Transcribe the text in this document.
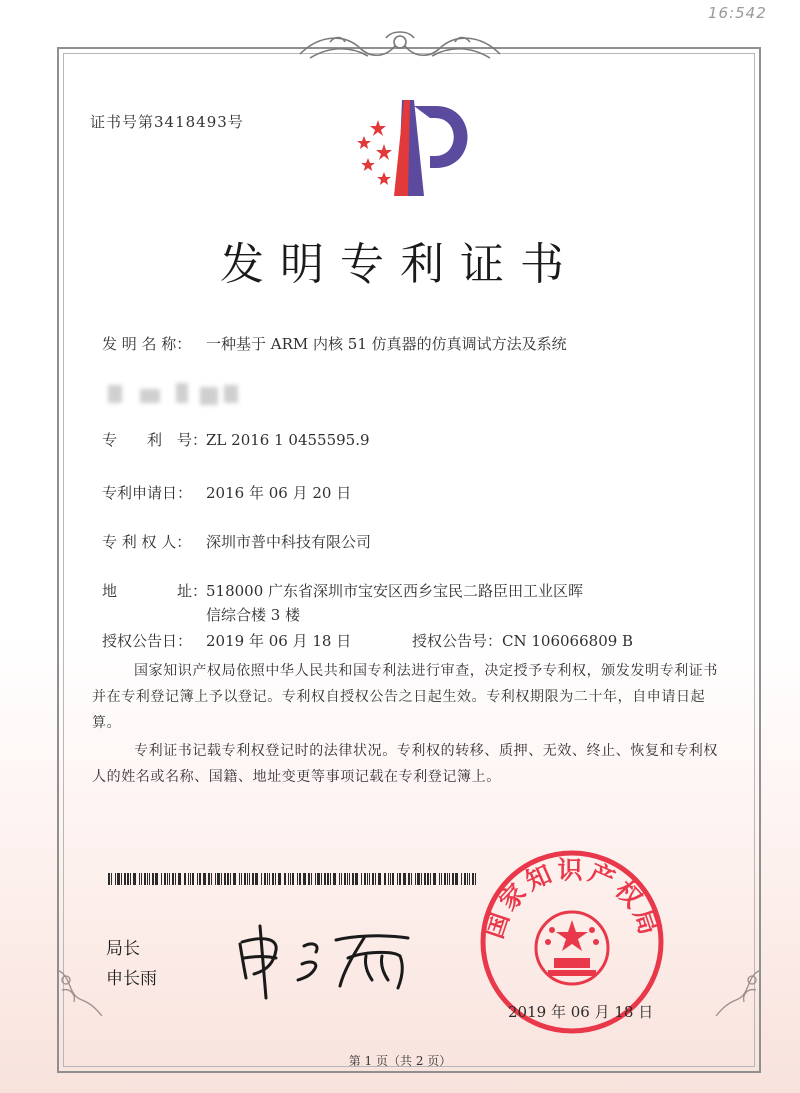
16:542
证书号第3418493号
发明专利证书
发 明 名 称： 一种基于 ARM 内核 51 仿真器的仿真调试方法及系统
专　　利　号：ZL 2016 1 0455595.9
专利申请日： 2016 年 06 月 20 日
专 利 权 人： 深圳市普中科技有限公司
地　　　　址：518000 广东省深圳市宝安区西乡宝民二路臣田工业区晖
信综合楼 3 楼
授权公告日： 2019 年 06 月 18 日	授权公告号：CN 106066809 B
国家知识产权局依照中华人民共和国专利法进行审查，决定授予专利权，颁发发明专利证书并在专利登记簿上予以登记。专利权自授权公告之日起生效。专利权期限为二十年，自申请日起算。
专利证书记载专利权登记时的法律状况。专利权的转移、质押、无效、终止、恢复和专利权人的姓名或名称、国籍、地址变更等事项记载在专利登记簿上。
局长
申长雨
国家知识产权局
2019 年 06 月 18 日
第 1 页（共 2 页）
